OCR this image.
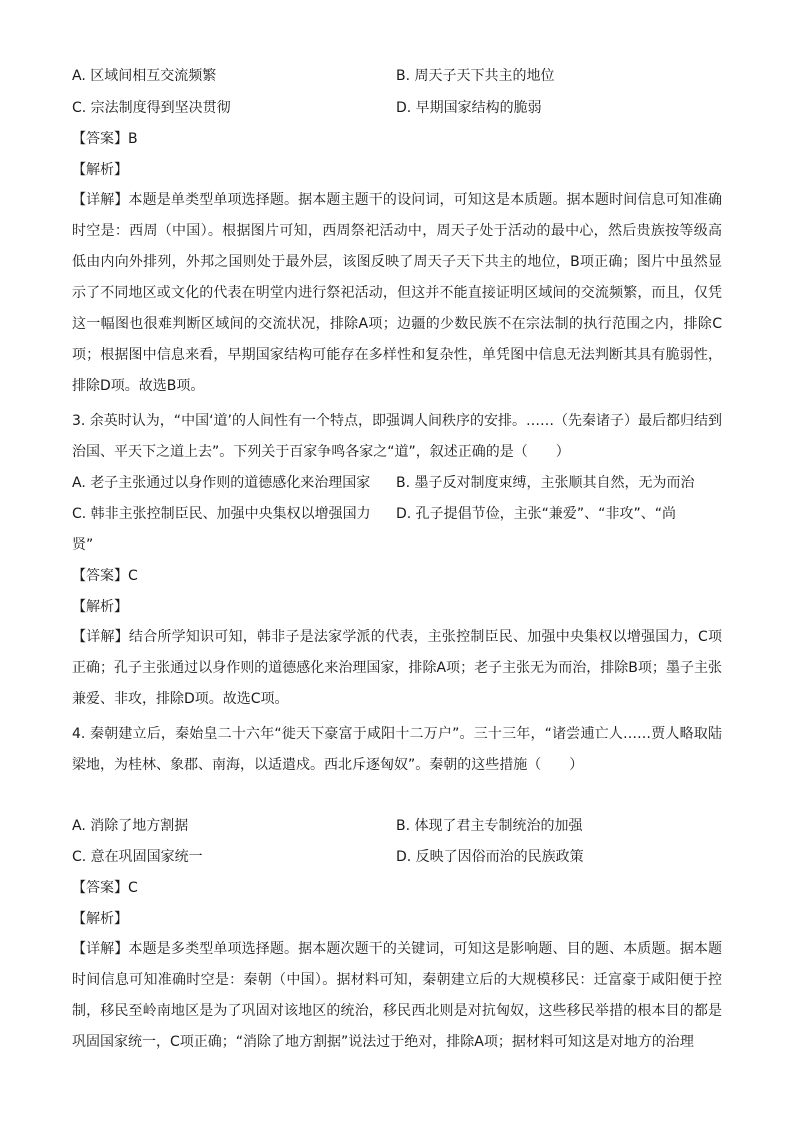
A. 区域间相互交流频繁	B. 周天子天下共主的地位
C. 宗法制度得到坚决贯彻	D. 早期国家结构的脆弱
【答案】B
【解析】
【详解】本题是单类型单项选择题。据本题主题干的设问词，可知这是本质题。据本题时间信息可知准确时空是：西周（中国）。根据图片可知，西周祭祀活动中，周天子处于活动的最中心，然后贵族按等级高低由内向外排列，外邦之国则处于最外层，该图反映了周天子天下共主的地位，B项正确；图片中虽然显示了不同地区或文化的代表在明堂内进行祭祀活动，但这并不能直接证明区域间的交流频繁，而且，仅凭这一幅图也很难判断区域间的交流状况，排除A项；边疆的少数民族不在宗法制的执行范围之内，排除C项；根据图中信息来看，早期国家结构可能存在多样性和复杂性，单凭图中信息无法判断其具有脆弱性，排除D项。故选B项。
3. 余英时认为，“中国‘道’的人间性有一个特点，即强调人间秩序的安排。……（先秦诸子）最后都归结到治国、平天下之道上去”。下列关于百家争鸣各家之“道”，叙述正确的是（　　）
A. 老子主张通过以身作则的道德感化来治理国家 B. 墨子反对制度束缚，主张顺其自然，无为而治
C. 韩非主张控制臣民、加强中央集权以增强国力 D. 孔子提倡节俭，主张“兼爱”、“非攻”、“尚
贤”
【答案】C
【解析】
【详解】结合所学知识可知，韩非子是法家学派的代表，主张控制臣民、加强中央集权以增强国力，C项正确；孔子主张通过以身作则的道德感化来治理国家，排除A项；老子主张无为而治，排除B项；墨子主张兼爱、非攻，排除D项。故选C项。
4. 秦朝建立后，秦始皇二十六年“徙天下豪富于咸阳十二万户”。三十三年，“诸尝逋亡人……贾人略取陆梁地，为桂林、象郡、南海，以适遣戍。西北斥逐匈奴”。秦朝的这些措施（　　）
A. 消除了地方割据	B. 体现了君主专制统治的加强
C. 意在巩固国家统一	D. 反映了因俗而治的民族政策
【答案】C
【解析】
【详解】本题是多类型单项选择题。据本题次题干的关键词，可知这是影响题、目的题、本质题。据本题时间信息可知准确时空是：秦朝（中国）。据材料可知，秦朝建立后的大规模移民：迁富豪于咸阳便于控制，移民至岭南地区是为了巩固对该地区的统治，移民西北则是对抗匈奴，这些移民举措的根本目的都是巩固国家统一，C项正确；“消除了地方割据”说法过于绝对，排除A项；据材料可知这是对地方的治理
